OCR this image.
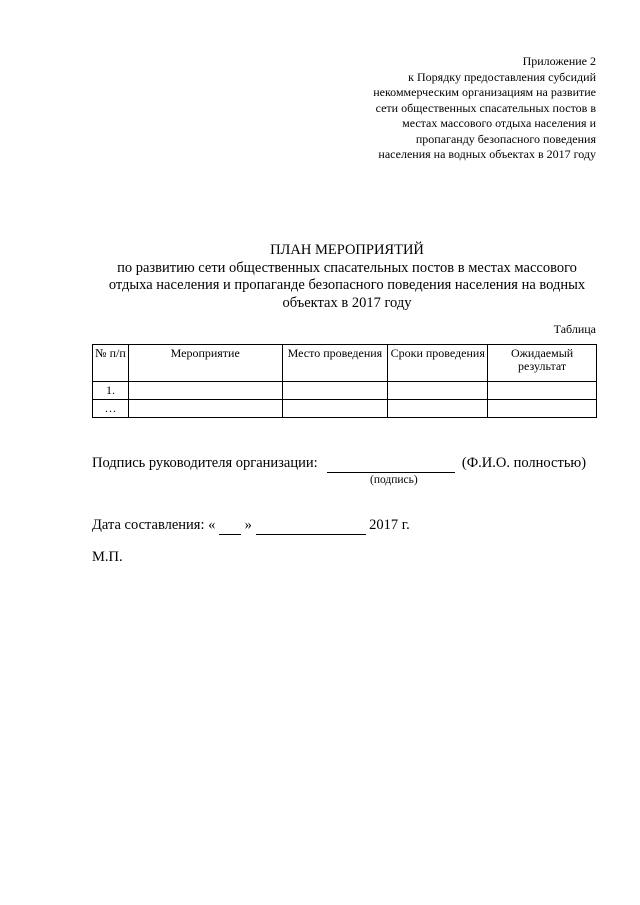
Приложение 2
к Порядку предоставления субсидий
некоммерческим организациям на развитие
сети общественных спасательных постов в
местах массового отдыха населения и
пропаганду безопасного поведения
населения на водных объектах в 2017 году
ПЛАН МЕРОПРИЯТИЙ
по развитию сети общественных спасательных постов в местах массового
отдыха населения и пропаганде безопасного поведения населения на водных
объектах в 2017 году
Таблица
№ п/п	Мероприятие	Место проведения	Сроки проведения	Ожидаемый результат
1.				
…				
Подпись руководителя организации:	(Ф.И.О. полностью)
(подпись)
Дата составления: « »	2017 г.
М.П.
